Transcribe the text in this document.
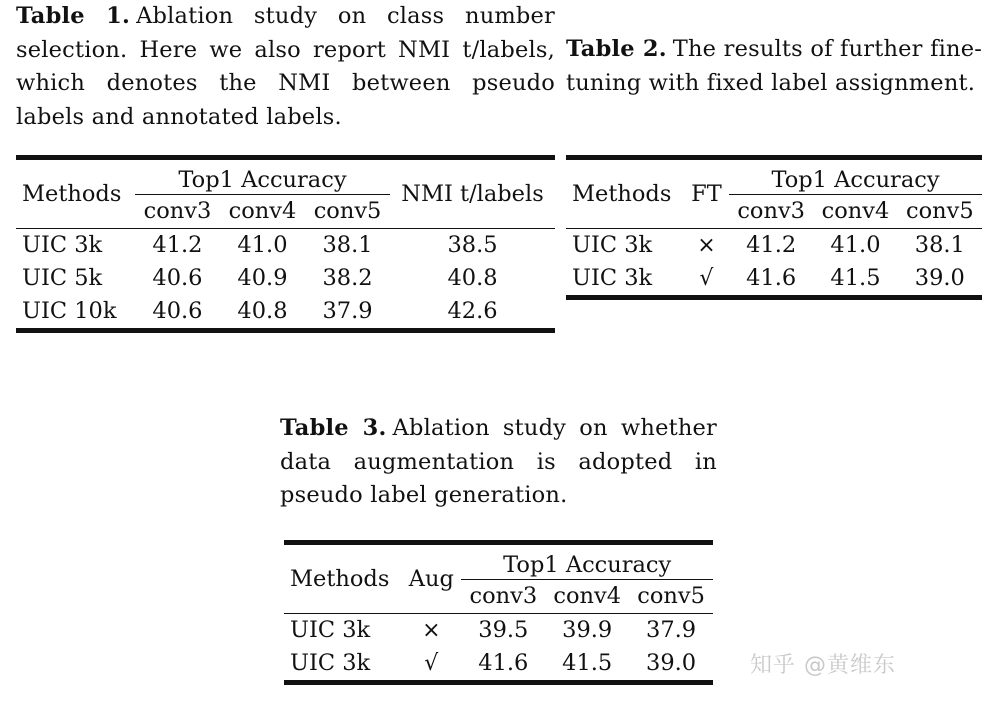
Table 1. Ablation study on class number selection. Here we also report NMI t/labels, which denotes the NMI between pseudo labels and annotated labels.
Table 2. The results of further fine-tuning with fixed label assignment.
Methods	Top1 Accuracy			NMI t/labels
	conv3	conv4	conv5	
UIC 3k	41.2	41.0	38.1	38.5
UIC 5k	40.6	40.9	38.2	40.8
UIC 10k	40.6	40.8	37.9	42.6
Methods	FT	Top1 Accuracy		
		conv3	conv4	conv5
UIC 3k	×	41.2	41.0	38.1
UIC 3k	√	41.6	41.5	39.0
Table 3. Ablation study on whether data augmentation is adopted in pseudo label generation.
Methods	Aug	Top1 Accuracy		
		conv3	conv4	conv5
UIC 3k	×	39.5	39.9	37.9
UIC 3k	√	41.6	41.5	39.0 知乎 @黄维东
